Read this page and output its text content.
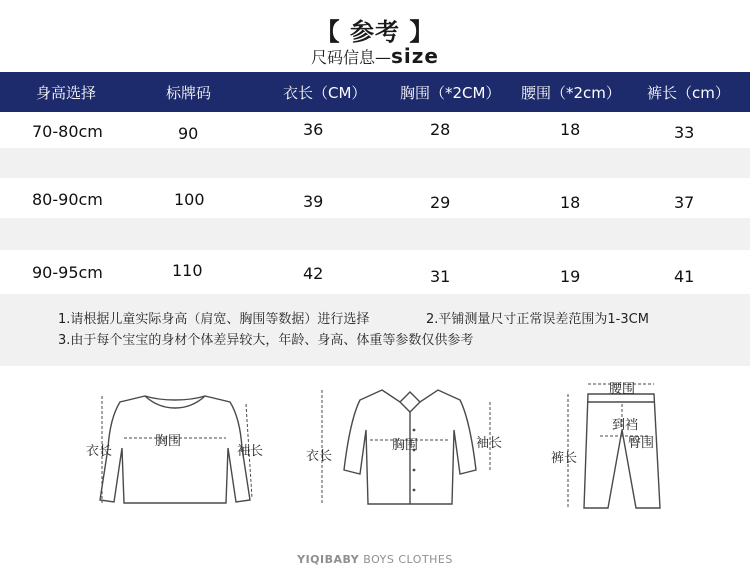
【 参考 】
尺码信息—size
身高选择	标牌码	衣长（CM） 胸围（*2CM） 腰围（*2cm） 裤长（cm）
70-80cm	90	36	28	18	33
80-90cm	100	39	29	18	37
90-95cm	110	42	31	19	41
1.请根据儿童实际身高（肩宽、胸围等数据）进行选择	2.平铺测量尺寸正常误差范围为1-3CM
3.由于每个宝宝的身材个体差异较大，年龄、身高、体重等参数仅供参考
衣长
胸围
袖长	衣长
胸围	袖长
腰围
裤长
到裆
臀围
YIQIBABY BOYS CLOTHES
